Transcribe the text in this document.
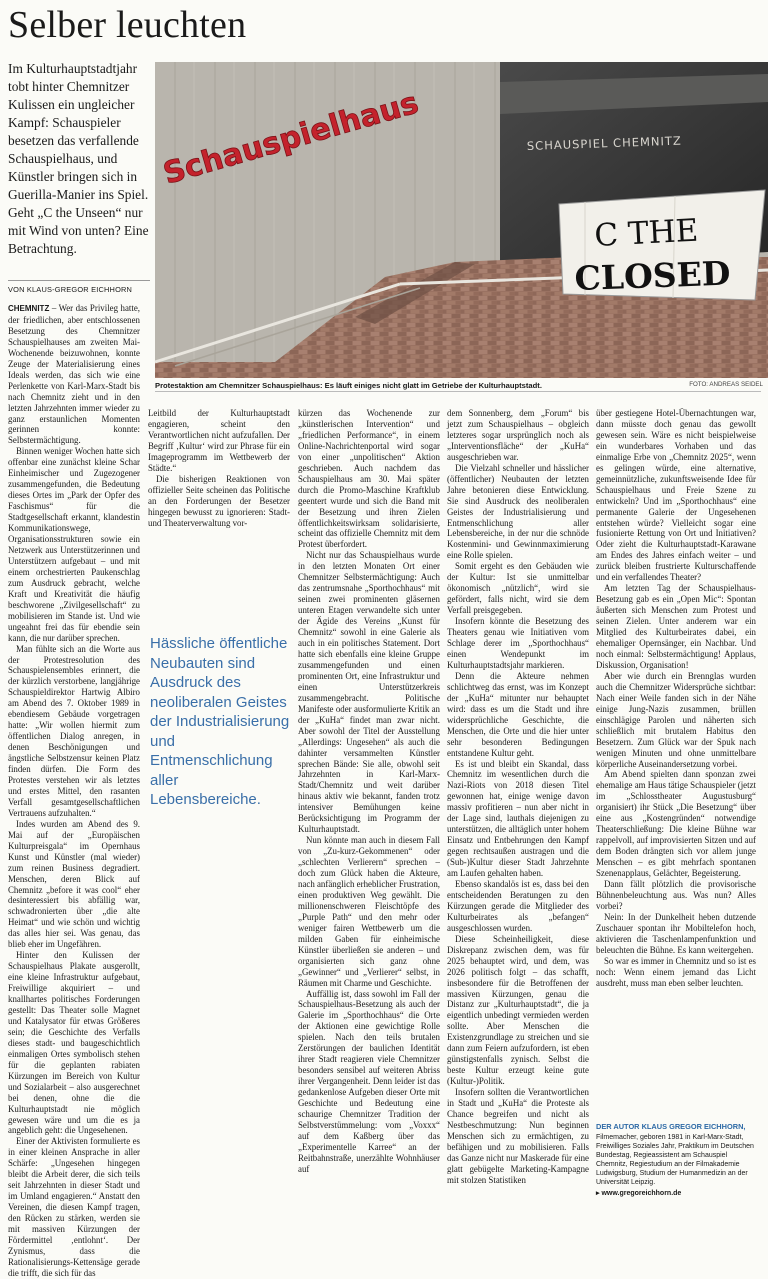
Selber leuchten

Im Kulturhauptstadtjahr tobt hinter Chemnitzer Kulissen ein ungleicher Kampf: Schauspieler besetzen das verfallende Schauspielhaus, und Künstler bringen sich in Guerilla-Manier ins Spiel. Geht „C the Unseen“ nur mit Wind von unten? Eine Betrachtung.

VON KLAUS-GREGOR EICHHORN
Schauspielhaus	SCHAUSPIEL CHEMNITZ
C THE
CLOSED
Protestaktion am Chemnitzer Schauspielhaus: Es läuft einiges nicht glatt im Getriebe der Kulturhauptstadt.	FOTO: ANDREAS SEIDEL

CHEMNITZ – Wer das Privileg hatte, der friedlichen, aber entschlossenen Besetzung des Chemnitzer Schauspielhauses am zweiten Mai-Wochenende beizuwohnen, konnte Zeuge der Materialisierung eines Ideals werden, das sich wie eine Perlenkette von Karl-Marx-Stadt bis nach Chemnitz zieht und in den letzten Jahrzehnten immer wieder zu ganz erstaunlichen Momenten gerinnen konnte: Selbstermächtigung.

Binnen weniger Wochen hatte sich offenbar eine zunächst kleine Schar Einheimischer und Zugezogener zusammengefunden, die Bedeutung dieses Ortes im „Park der Opfer des Faschismus“ für die Stadtgesellschaft erkannt, klandestin Kommunikationswege, Organisationsstrukturen sowie ein Netzwerk aus Unterstützerinnen und Unterstützern aufgebaut – und mit einem orchestrierten Paukenschlag zum Ausdruck gebracht, welche Kraft und Kreativität die häufig beschworene „Zivilgesellschaft“ zu mobilisieren im Stande ist. Und wie ungeahnt frei das für ebendie sein kann, die nur darüber sprechen.

Man fühlte sich an die Worte aus der Protestresolution des Schauspielensembles erinnert, die der kürzlich verstorbene, langjährige Schauspieldirektor Hartwig Albiro am Abend des 7. Oktober 1989 in ebendiesem Gebäude vorgetragen hatte: „Wir wollen hiermit zum öffentlichen Dialog anregen, in denen Beschönigungen und ängstliche Selbstzensur keinen Platz finden dürfen. Die Form des Protestes verstehen wir als letztes und erstes Mittel, den rasanten Verfall gesamtgesellschaftlichen Vertrauens aufzuhalten.“

Indes wurden am Abend des 9. Mai auf der „Europäischen Kulturpreisgala“ im Opernhaus Kunst und Künstler (mal wieder) zum reinen Business degradiert. Menschen, deren Blick auf Chemnitz „before it was cool“ eher desinteressiert bis abfällig war, schwadronierten über „die alte Heimat“ und wie schön und wichtig das alles hier sei. Was genau, das blieb eher im Ungefähren.

Hinter den Kulissen der Schauspielhaus Plakate ausgerollt, eine kleine Infrastruktur aufgebaut, Freiwillige akquiriert – und knallhartes politisches Forderungen gestellt: Das Theater solle Magnet und Katalysator für etwas Größeres sein; die Geschichte des Verfalls dieses stadt- und baugeschichtlich einmaligen Ortes symbolisch stehen für die geplanten rabiaten Kürzungen im Bereich von Kultur und Sozialarbeit – also ausgerechnet bei denen, ohne die die Kulturhauptstadt nie möglich gewesen wäre und um die es ja angeblich geht: die Ungesehenen.

Einer der Aktivisten formulierte es in einer kleinen Ansprache in aller Schärfe: „Ungesehen hingegen bleibt die Arbeit derer, die sich teils seit Jahrzehnten in dieser Stadt und im Umland engagieren.“ Anstatt den Vereinen, die diesen Kampf tragen, den Rücken zu stärken, werden sie mit massiven Kürzungen der Fördermittel ‚entlohnt‘. Der Zynismus, dass die Rationalisierungs-Kettensäge gerade die trifft, die sich für das

Leitbild der Kulturhauptstadt engagieren, scheint den Verantwortlichen nicht aufzufallen. Der Begriff ‚Kultur‘ wird zur Phrase für ein Imageprogramm im Wettbewerb der Städte.“

Die bisherigen Reaktionen von offizieller Seite scheinen das Politische an den Forderungen der Besetzer hingegen bewusst zu ignorieren: Stadt- und Theaterverwaltung vor-

Hässliche öffentliche Neubauten sind Ausdruck des neoliberalen Geistes der Industrialisierung und Entmenschlichung aller Lebensbereiche.

kürzen das Wochenende zur „künstlerischen Intervention“ und „friedlichen Performance“, in einem Online-Nachrichtenportal wird sogar von einer „unpolitischen“ Aktion geschrieben. Auch nachdem das Schauspielhaus am 30. Mai später durch die Promo-Maschine Kraftklub geentert wurde und sich die Band mit der Besetzung und ihren Zielen öffentlichkeitswirksam solidarisierte, scheint das offizielle Chemnitz mit dem Protest überfordert.

Nicht nur das Schauspielhaus wurde in den letzten Monaten Ort einer Chemnitzer Selbstermächtigung: Auch das zentrumsnahe „Sporthochhaus“ mit seinen zwei prominenten gläsernen unteren Etagen verwandelte sich unter der Ägide des Vereins „Kunst für Chemnitz“ sowohl in eine Galerie als auch in ein politisches Statement. Dort hatte sich ebenfalls eine kleine Gruppe zusammengefunden und einen prominenten Ort, eine Infrastruktur und einen Unterstützerkreis zusammengebracht. Politische Manifeste oder ausformulierte Kritik an der „KuHa“ findet man zwar nicht. Aber sowohl der Titel der Ausstellung „Allerdings: Ungesehen“ als auch die dahinter versammelten Künstler sprechen Bände: Sie alle, obwohl seit Jahrzehnten in Karl-Marx-Stadt/Chemnitz und weit darüber hinaus aktiv wie bekannt, fanden trotz intensiver Bemühungen keine Berücksichtigung im Programm der Kulturhauptstadt.

Nun könnte man auch in diesem Fall von „Zu-kurz-Gekommenen“ oder „schlechten Verlierern“ sprechen – doch zum Glück haben die Akteure, nach anfänglich erheblicher Frustration, einen produktiven Weg gewählt. Die millionenschweren Fleischtöpfe des „Purple Path“ und den mehr oder weniger fairen Wettbewerb um die milden Gaben für einheimische Künstler überließen sie anderen – und organisierten sich ganz ohne „Gewinner“ und „Verlierer“ selbst, in Räumen mit Charme und Geschichte.

Auffällig ist, dass sowohl im Fall der Schauspielhaus-Besetzung als auch der Galerie im „Sporthochhaus“ die Orte der Aktionen eine gewichtige Rolle spielen. Nach den teils brutalen Zerstörungen der baulichen Identität ihrer Stadt reagieren viele Chemnitzer besonders sensibel auf weiteren Abriss ihrer Vergangenheit. Denn leider ist das gedankenlose Aufgeben dieser Orte mit Geschichte und Bedeutung eine schaurige Chemnitzer Tradition der Selbstverstümmelung: vom „Voxxx“ auf dem Kaßberg über das „Experimentelle Karree“ an der Reitbahnstraße, unerzählte Wohnhäuser auf

dem Sonnenberg, dem „Forum“ bis jetzt zum Schauspielhaus – obgleich letzteres sogar ursprünglich noch als „Interventionsfläche“ der „KuHa“ ausgeschrieben war.

Die Vielzahl schneller und hässlicher (öffentlicher) Neubauten der letzten Jahre betonieren diese Entwicklung. Sie sind Ausdruck des neoliberalen Geistes der Industrialisierung und Entmenschlichung aller Lebensbereiche, in der nur die schnöde Kostenmini- und Gewinnmaximierung eine Rolle spielen.

Somit ergeht es den Gebäuden wie der Kultur: Ist sie unmittelbar ökonomisch „nützlich“, wird sie gefördert, falls nicht, wird sie dem Verfall preisgegeben.

Insofern könnte die Besetzung des Theaters genau wie Initiativen vom Schlage derer im „Sporthochhaus“ einen Wendepunkt im Kulturhauptstadtsjahr markieren.

Denn die Akteure nehmen schlichtweg das ernst, was im Konzept der „KuHa“ mitunter nur behauptet wird: dass es um die Stadt und ihre widersprüchliche Geschichte, die Menschen, die Orte und die hier unter sehr besonderen Bedingungen entstandene Kultur geht.

Es ist und bleibt ein Skandal, dass Chemnitz im wesentlichen durch die Nazi-Riots von 2018 diesen Titel gewonnen hat, einige wenige davon massiv profitieren – nun aber nicht in der Lage sind, lauthals diejenigen zu unterstützen, die alltäglich unter hohem Einsatz und Entbehrungen den Kampf gegen rechtsaußen austragen und die (Sub-)Kultur dieser Stadt Jahrzehnte am Laufen gehalten haben.

Ebenso skandalös ist es, dass bei den entscheidenden Beratungen zu den Kürzungen gerade die Mitglieder des Kulturbeirates als „befangen“ ausgeschlossen wurden.

Diese Scheinheiligkeit, diese Diskrepanz zwischen dem, was für 2025 behauptet wird, und dem, was 2026 politisch folgt – das schafft, insbesondere für die Betroffenen der massiven Kürzungen, genau die Distanz zur „Kulturhauptstadt“, die ja eigentlich unbedingt vermieden werden sollte. Aber Menschen die Existenzgrundlage zu streichen und sie dann zum Feiern aufzufordern, ist eben günstigstenfalls zynisch. Selbst die beste Kultur erzeugt keine gute (Kultur-)Politik.

Insofern sollten die Verantwortlichen in Stadt und „KuHa“ die Proteste als Chance begreifen und nicht als Nestbeschmutzung: Nun beginnen Menschen sich zu ermächtigen, zu befähigen und zu mobilisieren. Falls das Ganze nicht nur Maskerade für eine glatt gebügelte Marketing-Kampagne mit stolzen Statistiken

über gestiegene Hotel-Übernachtungen war, dann müsste doch genau das gewollt gewesen sein. Wäre es nicht beispielweise ein wunderbares Vorhaben und das einmalige Erbe von „Chemnitz 2025“, wenn es gelingen würde, eine alternative, gemeinnützliche, zukunftsweisende Idee für Schauspielhaus und Freie Szene zu entwickeln? Und im „Sporthochhaus“ eine permanente Galerie der Ungesehenen entstehen würde? Vielleicht sogar eine fusionierte Rettung von Ort und Initiativen? Oder zieht die Kulturhauptstadt-Karawane am Endes des Jahres einfach weiter – und zurück bleiben frustrierte Kulturschaffende und ein verfallendes Theater?

Am letzten Tag der Schauspielhaus-Besetzung gab es ein „Open Mic“: Spontan äußerten sich Menschen zum Protest und seinen Zielen. Unter anderem war ein Mitglied des Kulturbeirates dabei, ein ehemaliger Opernsänger, ein Nachbar. Und noch einmal: Selbstermächtigung! Applaus, Diskussion, Organisation!

Aber wie durch ein Brennglas wurden auch die Chemnitzer Widersprüche sichtbar: Nach einer Weile fanden sich in der Nähe einige Jung-Nazis zusammen, brüllen einschlägige Parolen und näherten sich schließlich mit brutalem Habitus den Besetzern. Zum Glück war der Spuk nach wenigen Minuten und ohne unmittelbare körperliche Auseinandersetzung vorbei.

Am Abend spielten dann sponzan zwei ehemalige am Haus tätige Schauspieler (jetzt im „Schlosstheater Augustusburg“ organisiert) ihr Stück „Die Besetzung“ über eine aus „Kostengründen“ notwendige Theaterschließung: Die kleine Bühne war rappelvoll, auf improvisierten Sitzen und auf dem Boden drängten sich vor allem junge Menschen – es gibt mehrfach spontanen Szenenapplaus, Gelächter, Begeisterung.

Dann fällt plötzlich die provisorische Bühnenbeleuchtung aus. Was nun? Alles vorbei?

Nein: In der Dunkelheit heben dutzende Zuschauer spontan ihr Mobiltelefon hoch, aktivieren die Taschenlampenfunktion und beleuchten die Bühne. Es kann weitergehen.

So war es immer in Chemnitz und so ist es noch: Wenn einem jemand das Licht ausdreht, muss man eben selber leuchten.

DER AUTOR KLAUS GREGOR EICHHORN,

Filmemacher, geboren 1981 in Karl-Marx-Stadt, Freiwilliges Soziales Jahr, Praktikum im Deutschen Bundestag, Regieassistent am Schauspiel Chemnitz, Regiestudium an der Filmakademie Ludwigsburg, Studium der Humanmedizin an der Universität Leipzig.

▸ www.gregoreichhorn.de
